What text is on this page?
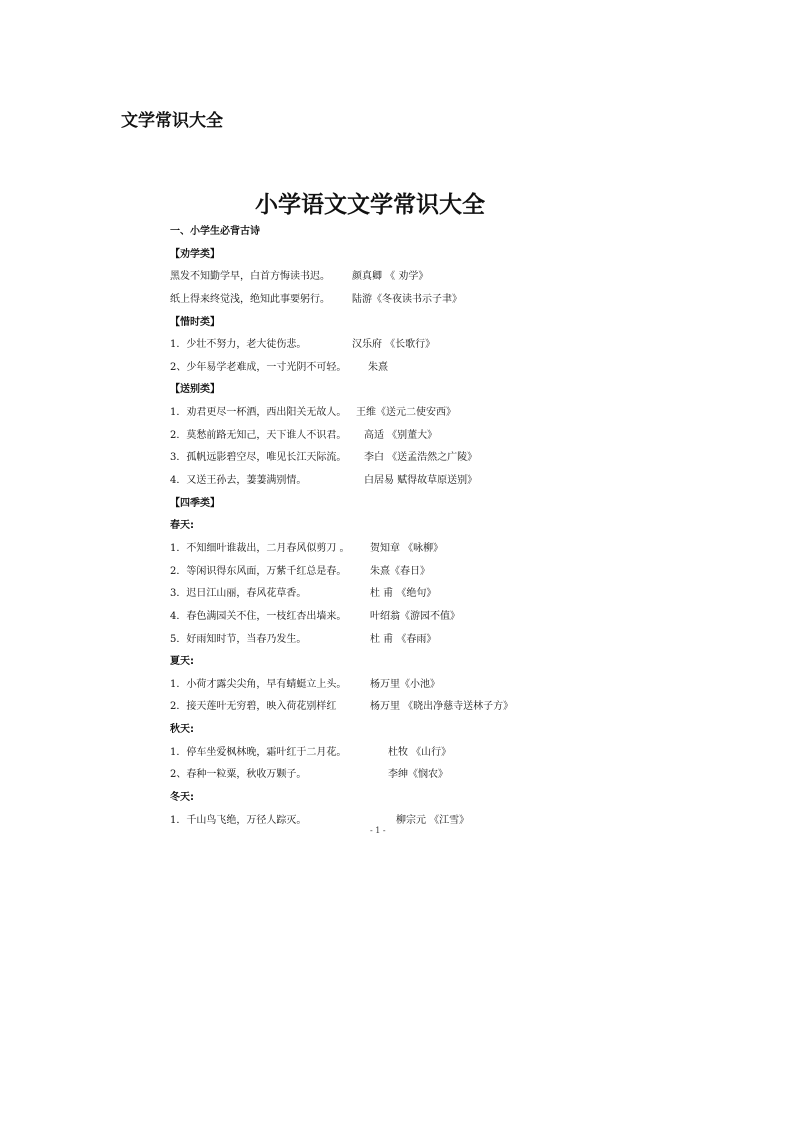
文学常识大全
小学语文文学常识大全
一、小学生必背古诗
【劝学类】
黑发不知勤学早，白首方悔读书迟。 颜真卿 《 劝学》
纸上得来终觉浅，绝知此事要躬行。 陆游《冬夜读书示子聿》
【惜时类】
1．少壮不努力，老大徒伤悲。	汉乐府 《长歌行》
2、少年易学老难成，一寸光阴不可轻。 朱熹
【送别类】
1．劝君更尽一杯酒，西出阳关无故人。 王维《送元二使安西》
2．莫愁前路无知己，天下谁人不识君。 高适 《别董大》
3．孤帆远影碧空尽，唯见长江天际流。 李白 《送孟浩然之广陵》
4．又送王孙去，萋萋满别情。	白居易 赋得故草原送别》
【四季类】
春天:
1．不知细叶谁裁出，二月春风似剪刀 。 贺知章 《咏柳》
2．等闲识得东风面，万紫千红总是春。 朱熹《春日》
3．迟日江山丽，春风花草香。	杜 甫 《绝句》
4．春色满园关不住，一枝红杏出墙来。 叶绍翁《游园不值》
5．好雨知时节，当春乃发生。	杜 甫 《春雨》
夏天:
1．小荷才露尖尖角，早有蜻蜓立上头。 杨万里《小池》
2．接天莲叶无穷碧，映入荷花别样红	杨万里 《晓出净慈寺送林子方》
秋天:
1．停车坐爱枫林晚，霜叶红于二月花。	杜牧 《山行》
2、春种一粒粟，秋收万颗子。	李绅《悯农》
冬天:
1．千山鸟飞绝，万径人踪灭。	柳宗元 《江雪》
- 1 -
